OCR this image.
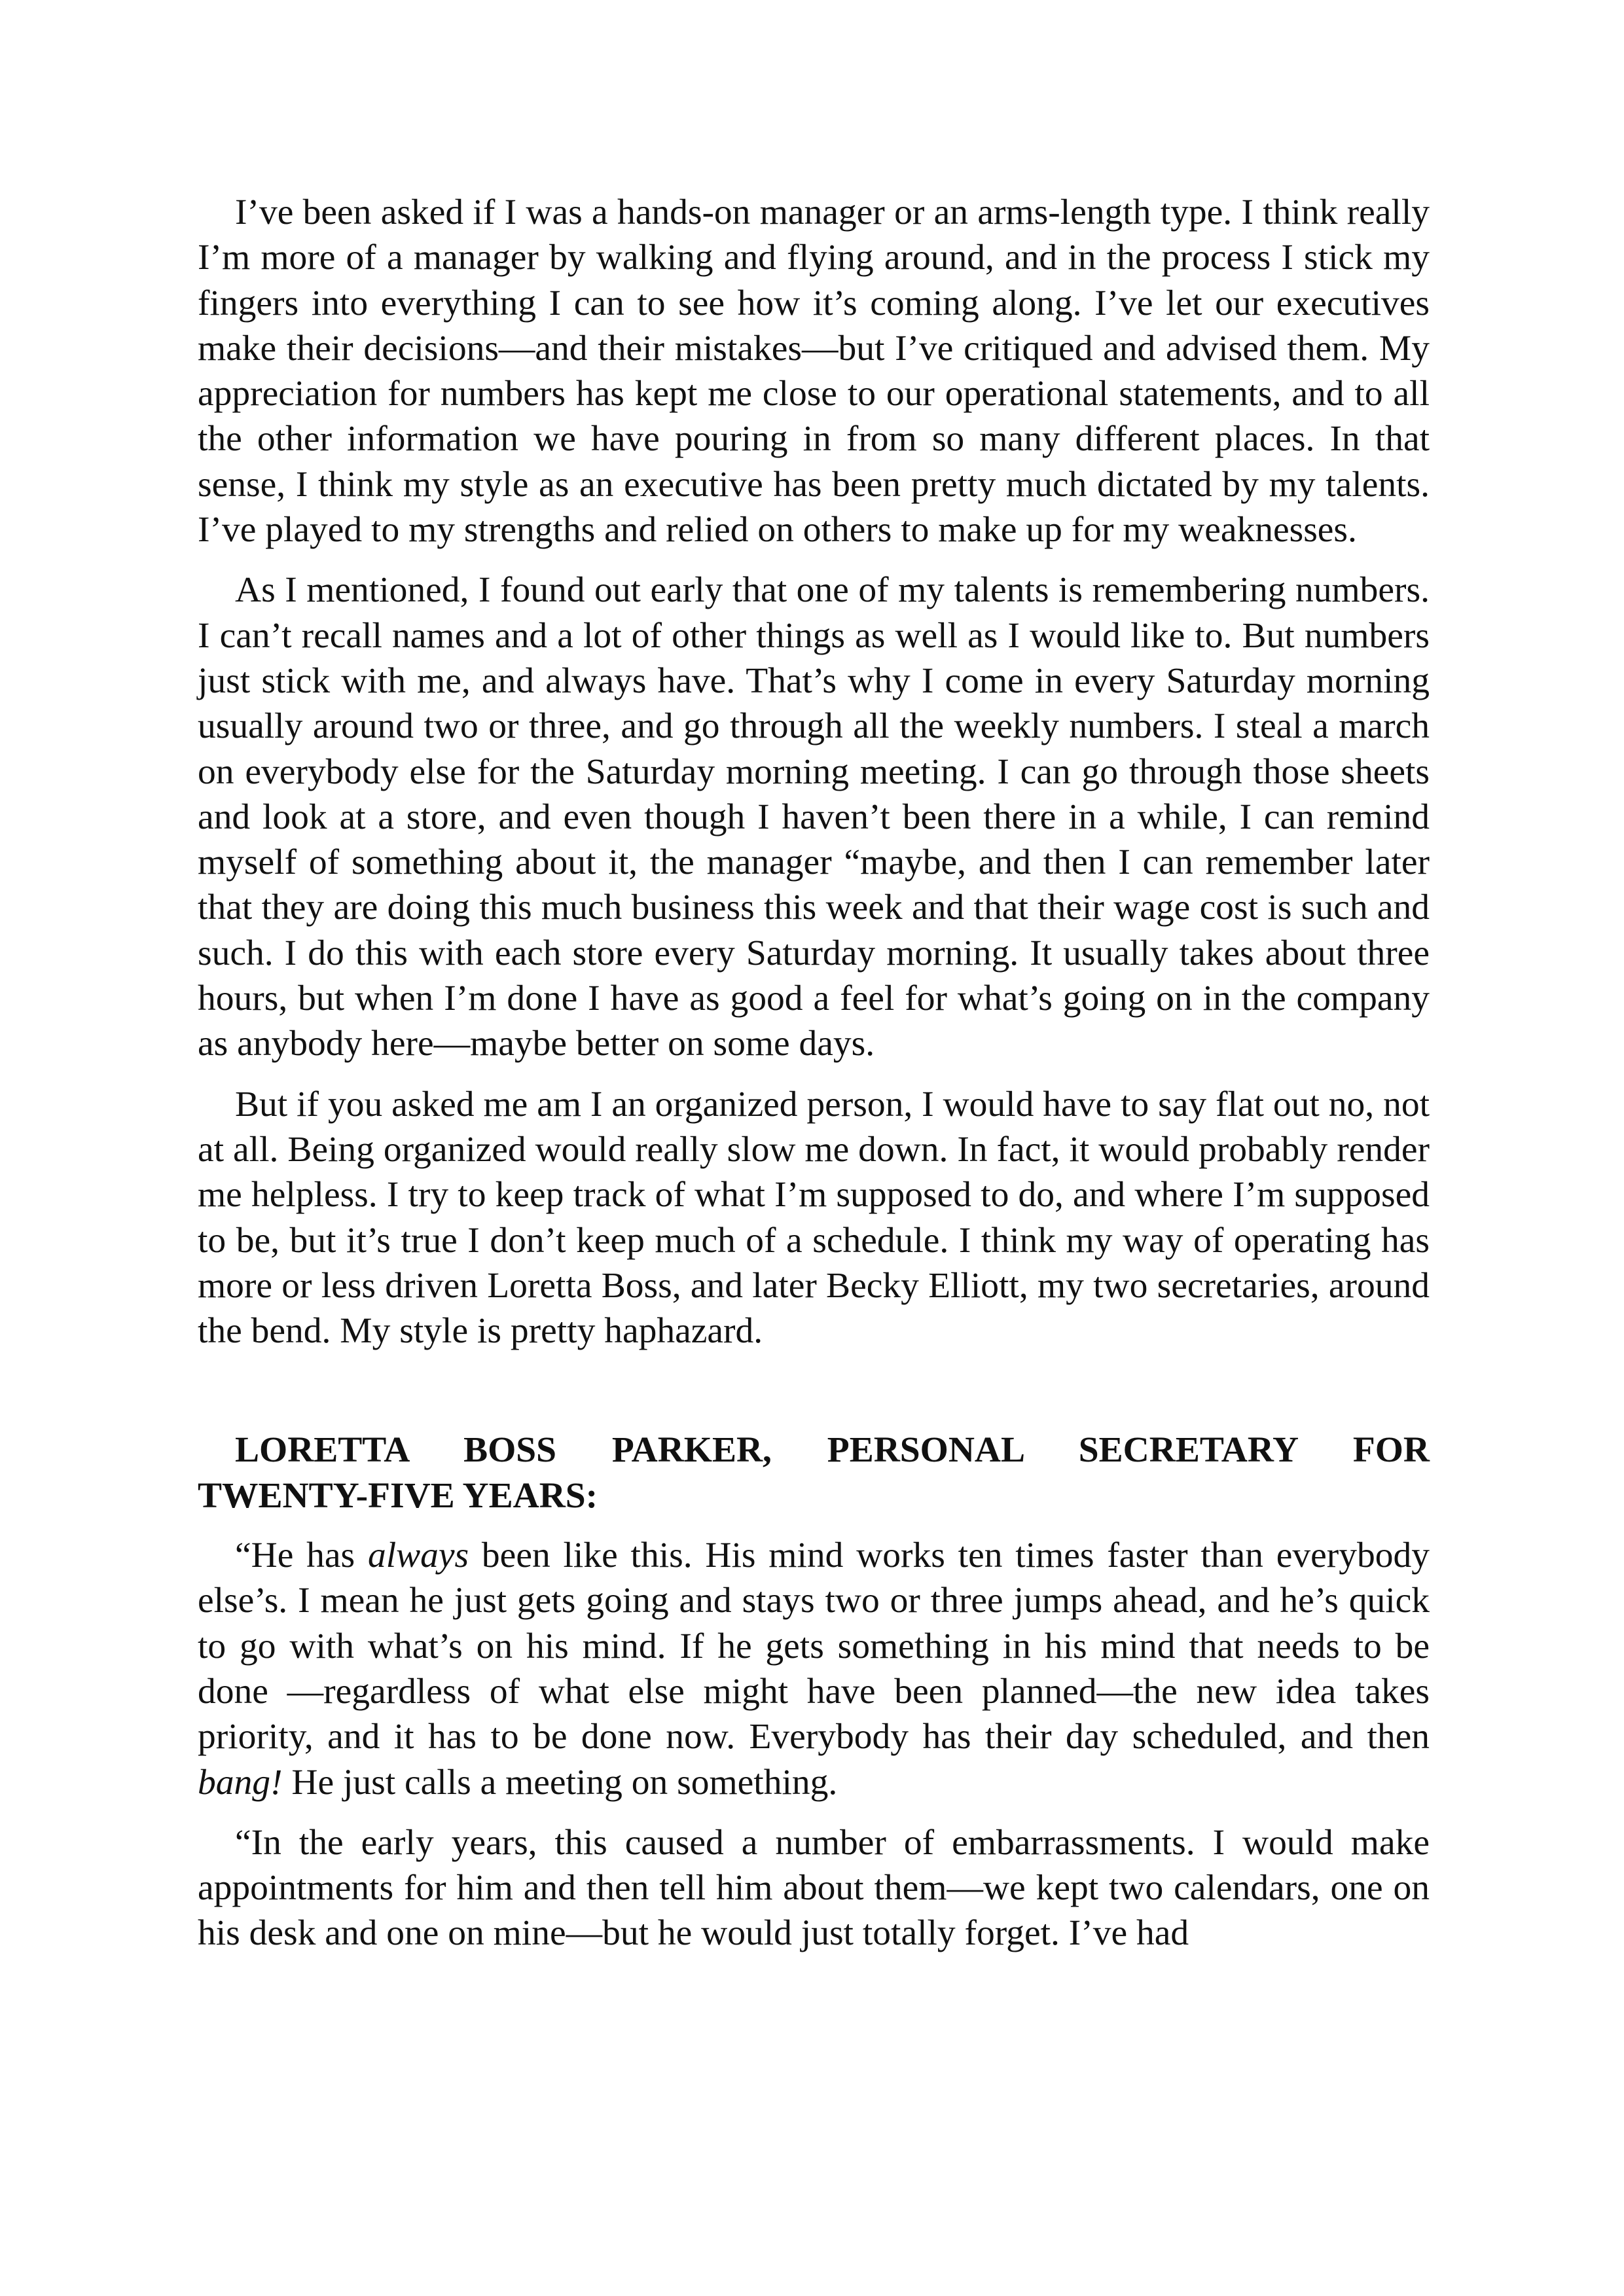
I’ve been asked if I was a hands-on manager or an arms-length type. I think really I’m more of a manager by walking and flying around, and in the process I stick my fingers into everything I can to see how it’s coming along. I’ve let our executives make their decisions—and their mistakes—but I’ve critiqued and advised them. My appreciation for numbers has kept me close to our operational statements, and to all the other information we have pouring in from so many different places. In that sense, I think my style as an executive has been pretty much dictated by my talents. I’ve played to my strengths and relied on others to make up for my weaknesses.

As I mentioned, I found out early that one of my talents is remembering numbers. I can’t recall names and a lot of other things as well as I would like to. But numbers just stick with me, and always have. That’s why I come in every Saturday morning usually around two or three, and go through all the weekly numbers. I steal a march on everybody else for the Saturday morning meeting. I can go through those sheets and look at a store, and even though I haven’t been there in a while, I can remind myself of something about it, the manager “maybe, and then I can remember later that they are doing this much business this week and that their wage cost is such and such. I do this with each store every Saturday morning. It usually takes about three hours, but when I’m done I have as good a feel for what’s going on in the company as anybody here—maybe better on some days.

But if you asked me am I an organized person, I would have to say flat out no, not at all. Being organized would really slow me down. In fact, it would probably render me helpless. I try to keep track of what I’m supposed to do, and where I’m supposed to be, but it’s true I don’t keep much of a schedule. I think my way of operating has more or less driven Loretta Boss, and later Becky Elliott, my two secretaries, around the bend. My style is pretty haphazard.

LORETTA BOSS PARKER, PERSONAL SECRETARY FOR
TWENTY-FIVE YEARS:

“He has always been like this. His mind works ten times faster than everybody else’s. I mean he just gets going and stays two or three jumps ahead, and he’s quick to go with what’s on his mind. If he gets something in his mind that needs to be done —regardless of what else might have been planned—the new idea takes priority, and it has to be done now. Everybody has their day scheduled, and then bang! He just calls a meeting on something.

“In the early years, this caused a number of embarrassments. I would make appointments for him and then tell him about them—we kept two calendars, one on his desk and one on mine—but he would just totally forget. I’ve had
